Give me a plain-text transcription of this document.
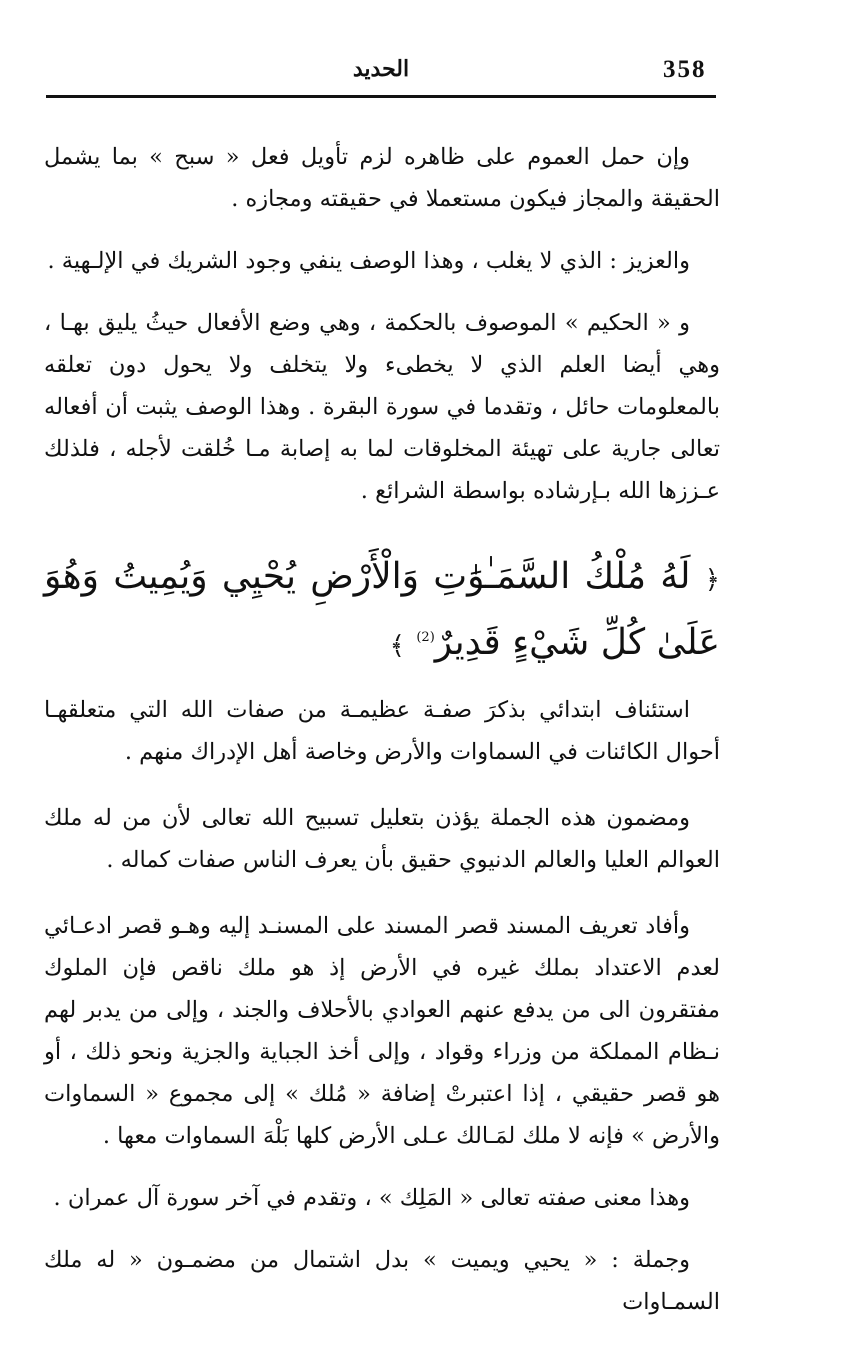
358
الحديد

وإن حمل العموم على ظاهره لزم تأويل فعل « سبح » بما يشمل الحقيقة والمجاز فيكون مستعملا في حقيقته ومجازه .

والعزيز : الذي لا يغلب ، وهذا الوصف ينفي وجود الشريك في الإلـهية .

و « الحكيم » الموصوف بالحكمة ، وهي وضع الأفعال حيثُ يليق بهـا ، وهي أيضا العلم الذي لا يخطىء ولا يتخلف ولا يحول دون تعلقه بالمعلومات حائل ، وتقدما في سورة البقرة . وهذا الوصف يثبت أن أفعاله تعالى جارية على تهيئة المخلوقات لما به إصابة مـا خُلقت لأجله ، فلذلك عـززها الله بـإرشاده بواسطة الشرائع .

﴿ لَهُ مُلْكُ السَّمَـٰوَٰتِ وَالْأَرْضِ يُحْيِي وَيُمِيتُ وَهُوَ عَلَىٰ كُلِّ شَيْءٍ قَدِيرٌ$^{(2)}$ ﴾

استئناف ابتدائي بذكرَ صفـة عظيمـة من صفات الله التي متعلقهـا أحوال الكائنات في السماوات والأرض وخاصة أهل الإدراك منهم .

ومضمون هذه الجملة يؤذن بتعليل تسبيح الله تعالى لأن من له ملك العوالم العليا والعالم الدنيوي حقيق بأن يعرف الناس صفات كماله .

وأفاد تعريف المسند قصر المسند على المسنـد إليه وهـو قصر ادعـائي لعدم الاعتداد بملك غيره في الأرض إذ هو ملك ناقص فإن الملوك مفتقرون الى من يدفع عنهم العوادي بالأحلاف والجند ، وإلى من يدبر لهم نـظام المملكة من وزراء وقواد ، وإلى أخذ الجباية والجزية ونحو ذلك ، أو هو قصر حقيقي ، إذا اعتبرتْ إضافة « مُلك » إلى مجموع « السماوات والأرض » فإنه لا ملك لمَـالك عـلى الأرض كلها بَلْهَ السماوات معها .

وهذا معنى صفته تعالى « المَلِك » ، وتقدم في آخر سورة آل عمران .

وجملة : « يحيي ويميت » بدل اشتمال من مضمـون « له ملك السمـاوات
